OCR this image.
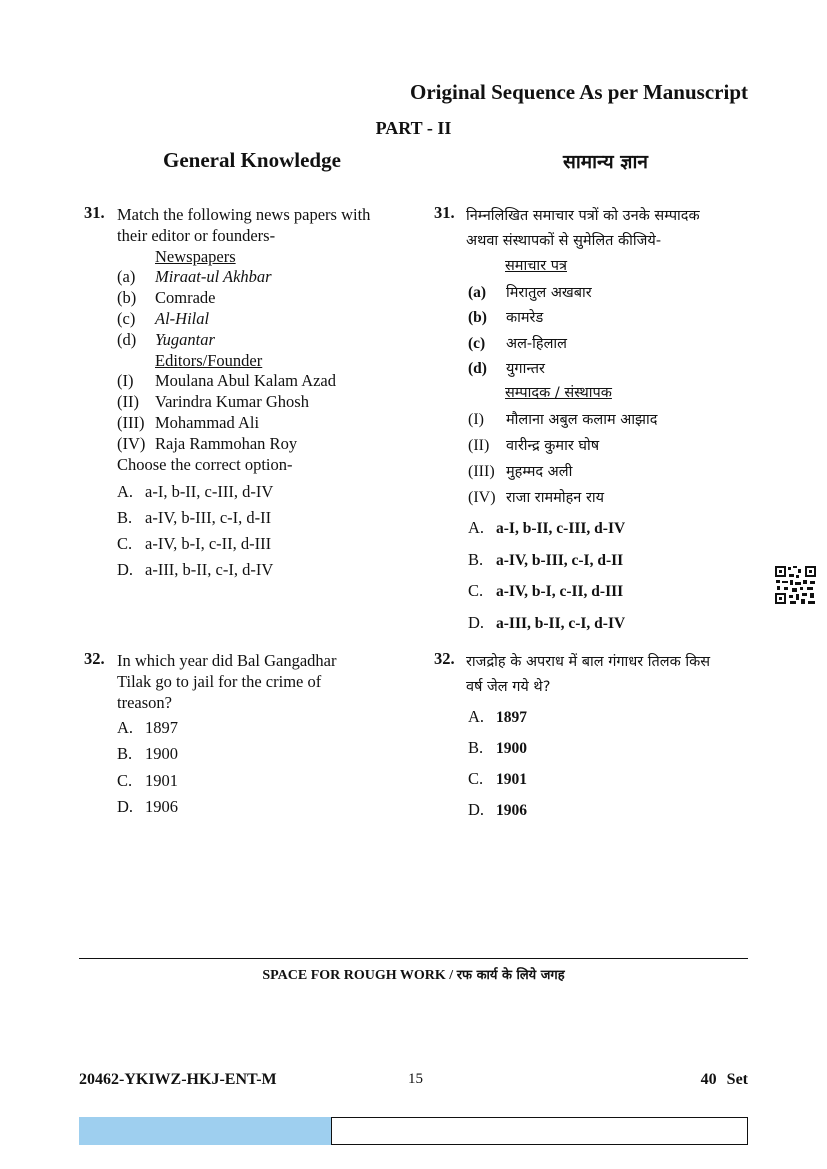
Original Sequence As per Manuscript
PART - II
General Knowledge	सामान्य ज्ञान
31. Match the following news papers with
their editor or founders-
Newspapers
(a) Miraat-ul Akhbar
(b) Comrade
(c) Al-Hilal
(d) Yugantar
Editors/Founder
(I) Moulana Abul Kalam Azad
(II) Varindra Kumar Ghosh
(III) Mohammad Ali
(IV) Raja Rammohan Roy
Choose the correct option-
A. a-I, b-II, c-III, d-IV
B. a-IV, b-III, c-I, d-II
C. a-IV, b-I, c-II, d-III
D. a-III, b-II, c-I, d-IV
31. निम्नलिखित समाचार पत्रों को उनके सम्पादक
अथवा संस्थापकों से सुमेलित कीजिये-
समाचार पत्र
(a) मिरातुल अखबार
(b) कामरेड
(c) अल-हिलाल
(d) युगान्तर
सम्पादक / संस्थापक
(I) मौलाना अबुल कलाम आझाद
(II) वारीन्द्र कुमार घोष
(III) मुहम्मद अली
(IV) राजा राममोहन राय
A. a-I, b-II, c-III, d-IV
B. a-IV, b-III, c-I, d-II
C. a-IV, b-I, c-II, d-III
D. a-III, b-II, c-I, d-IV
32. In which year did Bal Gangadhar
Tilak go to jail for the crime of
treason?
A. 1897
B. 1900
C. 1901
D. 1906
32. राजद्रोह के अपराध में बाल गंगाधर तिलक किस
वर्ष जेल गये थे?
A. 1897
B. 1900
C. 1901
D. 1906
SPACE FOR ROUGH WORK / रफ कार्य के लिये जगह
20462-YKIWZ-HKJ-ENT-M	15	40 Set
